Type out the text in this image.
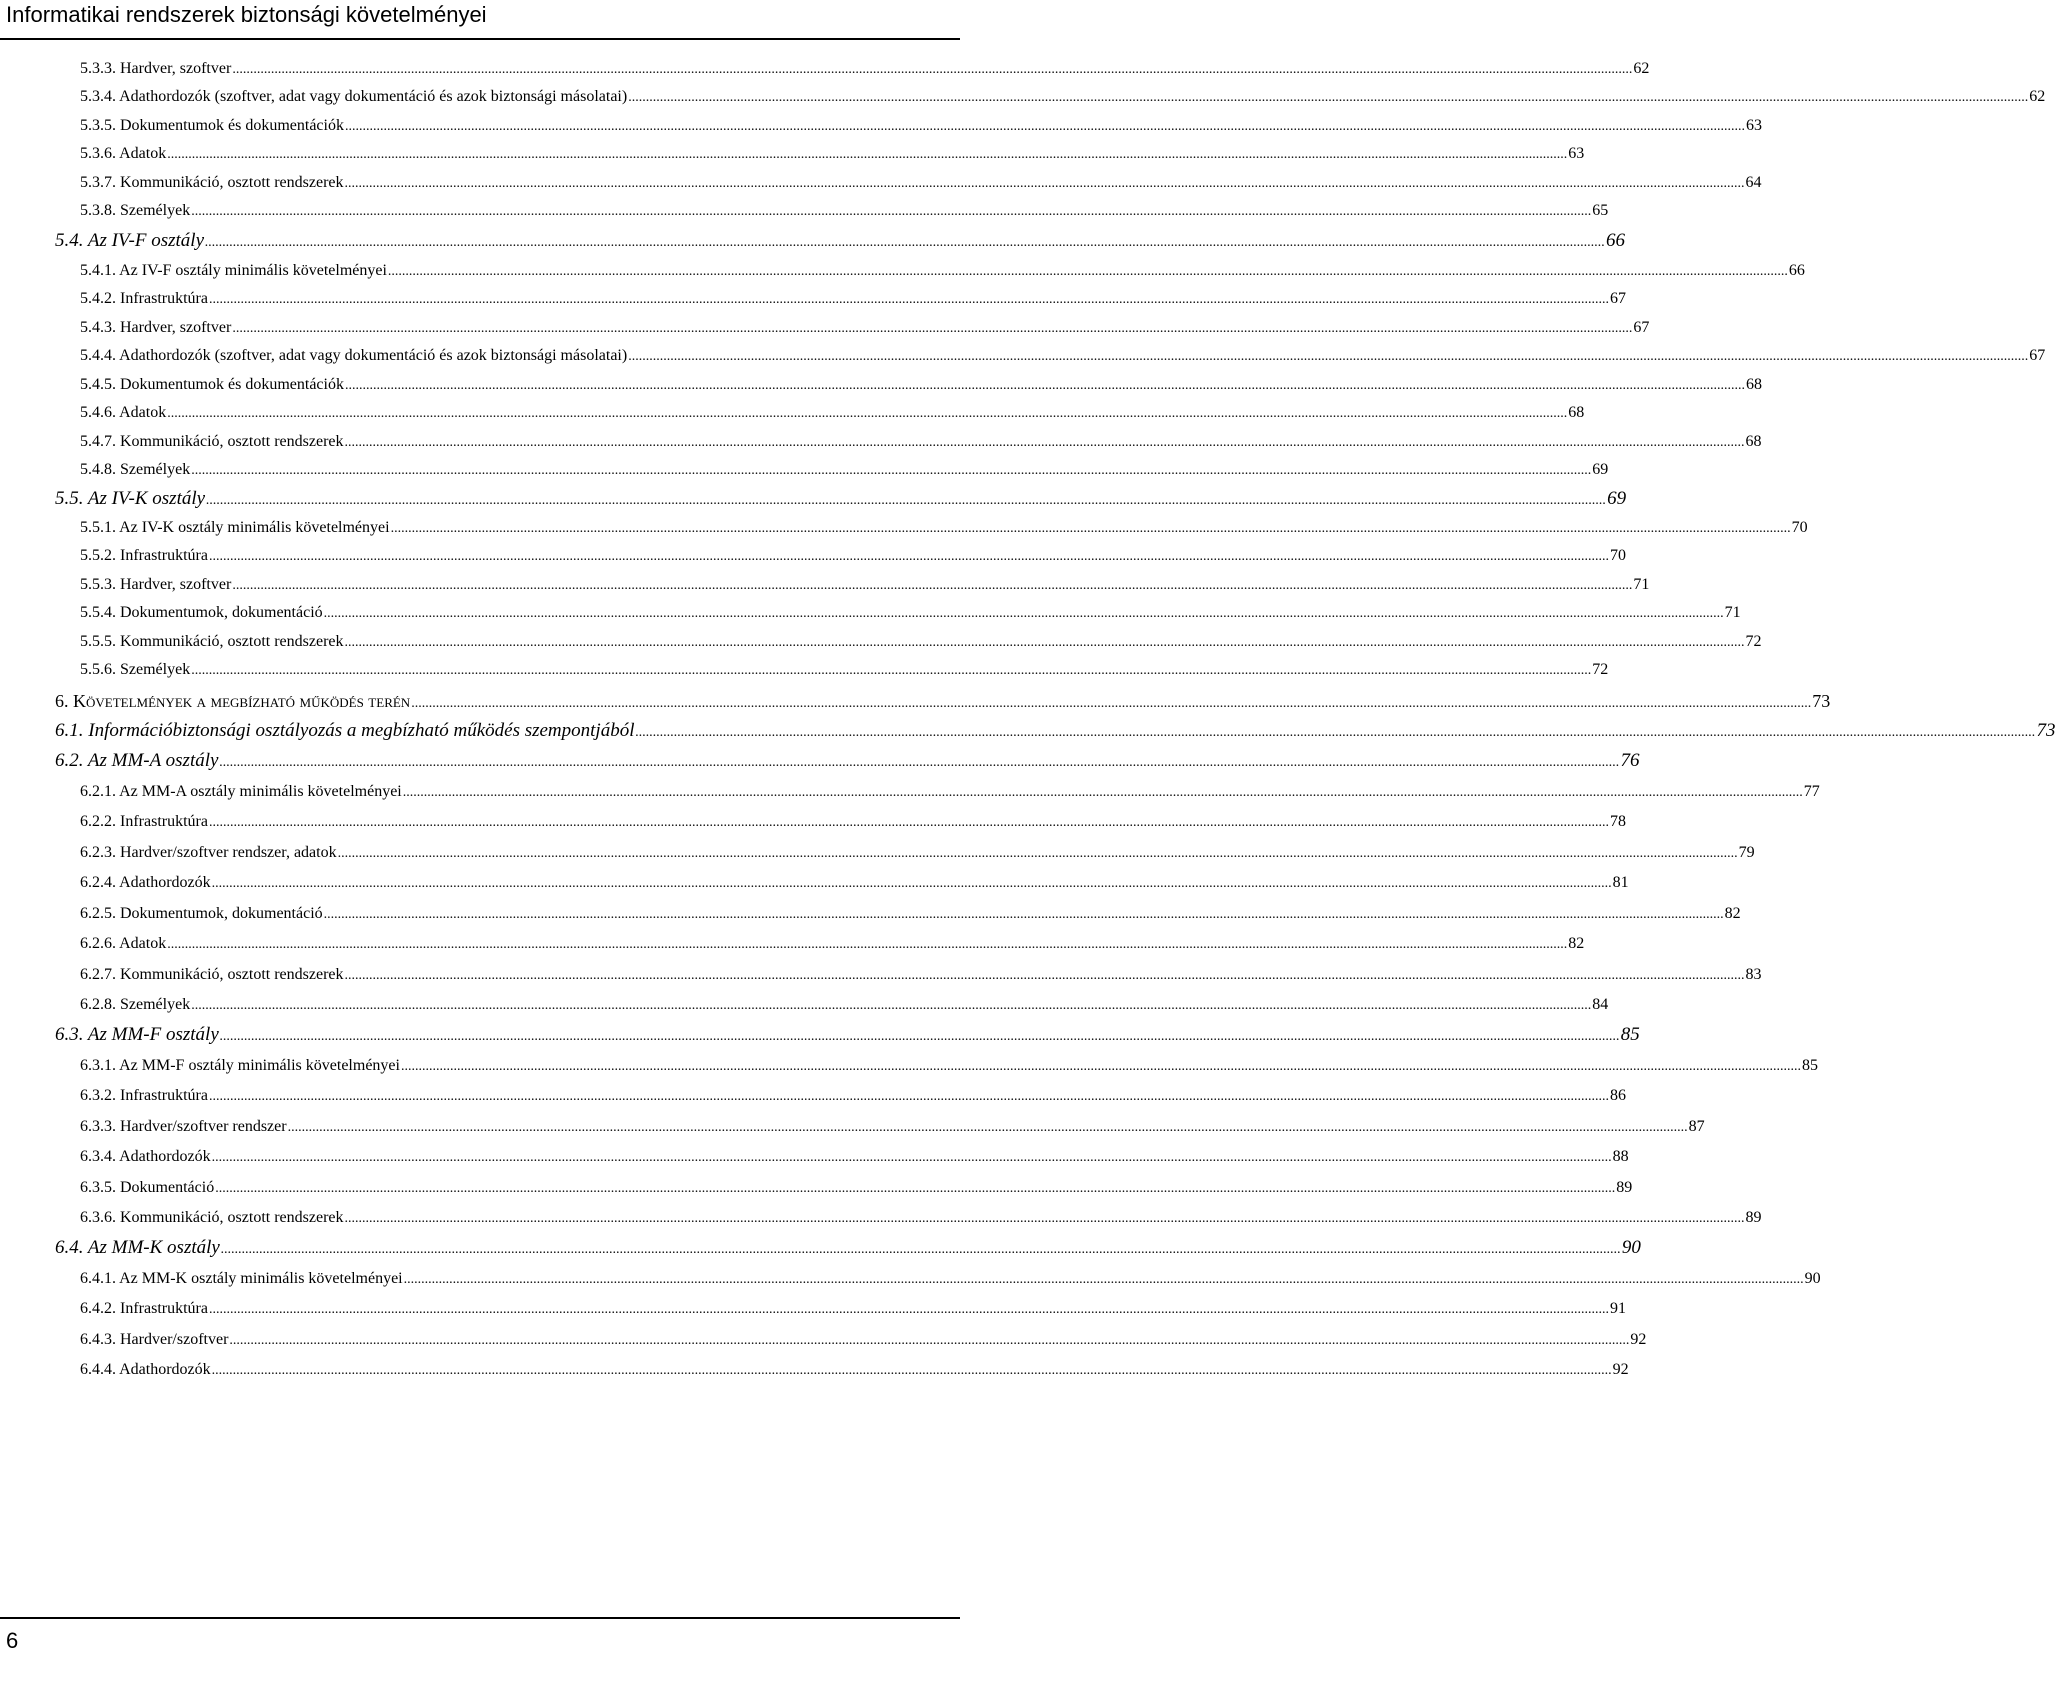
Informatikai rendszerek biztonsági követelményei
5.3.3. Hardver, szoftver ................................................................................................................................................................................................................................................................................................................................................................................................................ 62
5.3.4. Adathordozók (szoftver, adat vagy dokumentáció és azok biztonsági másolatai) ................................................................................................................................................................................................................................................................................................................................................................................................................ 62
5.3.5. Dokumentumok és dokumentációk ................................................................................................................................................................................................................................................................................................................................................................................................................ 63
5.3.6. Adatok ................................................................................................................................................................................................................................................................................................................................................................................................................ 63
5.3.7. Kommunikáció, osztott rendszerek ................................................................................................................................................................................................................................................................................................................................................................................................................ 64
5.3.8. Személyek ................................................................................................................................................................................................................................................................................................................................................................................................................ 65
5.4. Az IV-F osztály ................................................................................................................................................................................................................................................................................................................................................................................................................ 66
5.4.1. Az IV-F osztály minimális követelményei ................................................................................................................................................................................................................................................................................................................................................................................................................ 66
5.4.2. Infrastruktúra ................................................................................................................................................................................................................................................................................................................................................................................................................ 67
5.4.3. Hardver, szoftver ................................................................................................................................................................................................................................................................................................................................................................................................................ 67
5.4.4. Adathordozók (szoftver, adat vagy dokumentáció és azok biztonsági másolatai) ................................................................................................................................................................................................................................................................................................................................................................................................................ 67
5.4.5. Dokumentumok és dokumentációk ................................................................................................................................................................................................................................................................................................................................................................................................................ 68
5.4.6. Adatok ................................................................................................................................................................................................................................................................................................................................................................................................................ 68
5.4.7. Kommunikáció, osztott rendszerek ................................................................................................................................................................................................................................................................................................................................................................................................................ 68
5.4.8. Személyek ................................................................................................................................................................................................................................................................................................................................................................................................................ 69
5.5. Az IV-K osztály ................................................................................................................................................................................................................................................................................................................................................................................................................ 69
5.5.1. Az IV-K osztály minimális követelményei ................................................................................................................................................................................................................................................................................................................................................................................................................ 70
5.5.2. Infrastruktúra ................................................................................................................................................................................................................................................................................................................................................................................................................ 70
5.5.3. Hardver, szoftver ................................................................................................................................................................................................................................................................................................................................................................................................................ 71
5.5.4. Dokumentumok, dokumentáció ................................................................................................................................................................................................................................................................................................................................................................................................................ 71
5.5.5. Kommunikáció, osztott rendszerek ................................................................................................................................................................................................................................................................................................................................................................................................................ 72
5.5.6. Személyek ................................................................................................................................................................................................................................................................................................................................................................................................................ 72
6. Követelmények a megbízható működés terén ................................................................................................................................................................................................................................................................................................................................................................................................................ 73
6.1. Információbiztonsági osztályozás a megbízható működés szempontjából ................................................................................................................................................................................................................................................................................................................................................................................................................ 73
6.2. Az MM-A osztály ................................................................................................................................................................................................................................................................................................................................................................................................................ 76
6.2.1. Az MM-A osztály minimális követelményei ................................................................................................................................................................................................................................................................................................................................................................................................................ 77
6.2.2. Infrastruktúra ................................................................................................................................................................................................................................................................................................................................................................................................................ 78
6.2.3. Hardver/szoftver rendszer, adatok ................................................................................................................................................................................................................................................................................................................................................................................................................ 79
6.2.4. Adathordozók ................................................................................................................................................................................................................................................................................................................................................................................................................ 81
6.2.5. Dokumentumok, dokumentáció ................................................................................................................................................................................................................................................................................................................................................................................................................ 82
6.2.6. Adatok ................................................................................................................................................................................................................................................................................................................................................................................................................ 82
6.2.7. Kommunikáció, osztott rendszerek ................................................................................................................................................................................................................................................................................................................................................................................................................ 83
6.2.8. Személyek ................................................................................................................................................................................................................................................................................................................................................................................................................ 84
6.3. Az MM-F osztály ................................................................................................................................................................................................................................................................................................................................................................................................................ 85
6.3.1. Az MM-F osztály minimális követelményei ................................................................................................................................................................................................................................................................................................................................................................................................................ 85
6.3.2. Infrastruktúra ................................................................................................................................................................................................................................................................................................................................................................................................................ 86
6.3.3. Hardver/szoftver rendszer ................................................................................................................................................................................................................................................................................................................................................................................................................ 87
6.3.4. Adathordozók ................................................................................................................................................................................................................................................................................................................................................................................................................ 88
6.3.5. Dokumentáció ................................................................................................................................................................................................................................................................................................................................................................................................................ 89
6.3.6. Kommunikáció, osztott rendszerek ................................................................................................................................................................................................................................................................................................................................................................................................................ 89
6.4. Az MM-K osztály ................................................................................................................................................................................................................................................................................................................................................................................................................ 90
6.4.1. Az MM-K osztály minimális követelményei ................................................................................................................................................................................................................................................................................................................................................................................................................ 90
6.4.2. Infrastruktúra ................................................................................................................................................................................................................................................................................................................................................................................................................ 91
6.4.3. Hardver/szoftver ................................................................................................................................................................................................................................................................................................................................................................................................................ 92
6.4.4. Adathordozók ................................................................................................................................................................................................................................................................................................................................................................................................................ 92
6
